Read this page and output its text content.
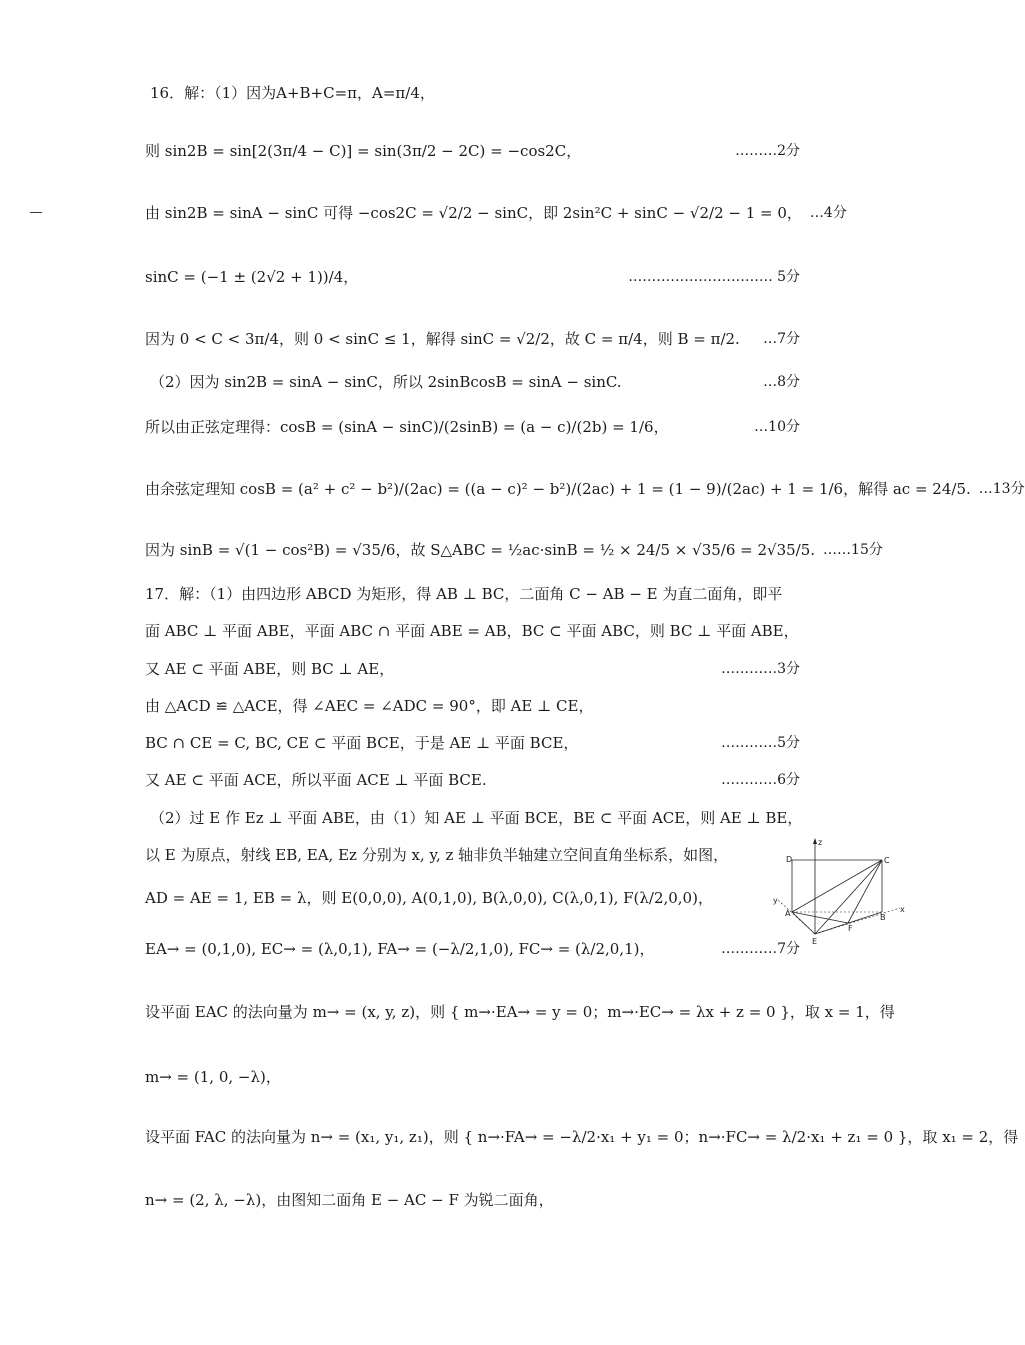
16．解：（1）因为A+B+C=π，A=π/4，
则 sin2B = sin[2(3π/4 − C)] = sin(3π/2 − 2C) = −cos2C，	………2分
由 sin2B = sinA − sinC 可得 −cos2C = √2/2 − sinC，即 2sin²C + sinC − √2/2 − 1 = 0， …4分
sinC = (−1 ± (2√2 + 1))/4，	…………………………. 5分
因为 0 < C < 3π/4，则 0 < sinC ≤ 1，解得 sinC = √2/2，故 C = π/4，则 B = π/2.	…7分
（2）因为 sin2B = sinA − sinC，所以 2sinBcosB = sinA − sinC.	…8分
所以由正弦定理得：cosB = (sinA − sinC)/(2sinB) = (a − c)/(2b) = 1/6，	…10分
由余弦定理知 cosB = (a² + c² − b²)/(2ac) = ((a − c)² − b²)/(2ac) + 1 = (1 − 9)/(2ac) + 1 = 1/6，解得 ac = 24/5. …13分
因为 sinB = √(1 − cos²B) = √35/6，故 S△ABC = ½ac·sinB = ½ × 24/5 × √35/6 = 2√35/5. ……15分
17．解：（1）由四边形 ABCD 为矩形，得 AB ⊥ BC，二面角 C − AB − E 为直二面角，即平
面 ABC ⊥ 平面 ABE，平面 ABC ∩ 平面 ABE = AB，BC ⊂ 平面 ABC，则 BC ⊥ 平面 ABE，
又 AE ⊂ 平面 ABE，则 BC ⊥ AE，	…………3分
由 △ACD ≌ △ACE，得 ∠AEC = ∠ADC = 90°，即 AE ⊥ CE，
BC ∩ CE = C, BC, CE ⊂ 平面 BCE，于是 AE ⊥ 平面 BCE，	…………5分
又 AE ⊂ 平面 ACE，所以平面 ACE ⊥ 平面 BCE.	…………6分
（2）过 E 作 Ez ⊥ 平面 ABE，由（1）知 AE ⊥ 平面 BCE，BE ⊂ 平面 ACE，则 AE ⊥ BE，
以 E 为原点，射线 EB, EA, Ez 分别为 x, y, z 轴非负半轴建立空间直角坐标系，如图，
AD = AE = 1, EB = λ，则 E(0,0,0), A(0,1,0), B(λ,0,0), C(λ,0,1), F(λ/2,0,0)，
EA→ = (0,1,0), EC→ = (λ,0,1), FA→ = (−λ/2,1,0), FC→ = (λ/2,0,1)，	…………7分
设平面 EAC 的法向量为 m→ = (x, y, z)，则 { m→·EA→ = y = 0；m→·EC→ = λx + z = 0 }，取 x = 1，得
m→ = (1, 0, −λ)，
设平面 FAC 的法向量为 n→ = (x₁, y₁, z₁)，则 { n→·FA→ = −λ/2·x₁ + y₁ = 0；n→·FC→ = λ/2·x₁ + z₁ = 0 }，取 x₁ = 2，得
n→ = (2, λ, −λ)，由图知二面角 E − AC − F 为锐二面角，
z
D	C
y
A	B
x
E
F
